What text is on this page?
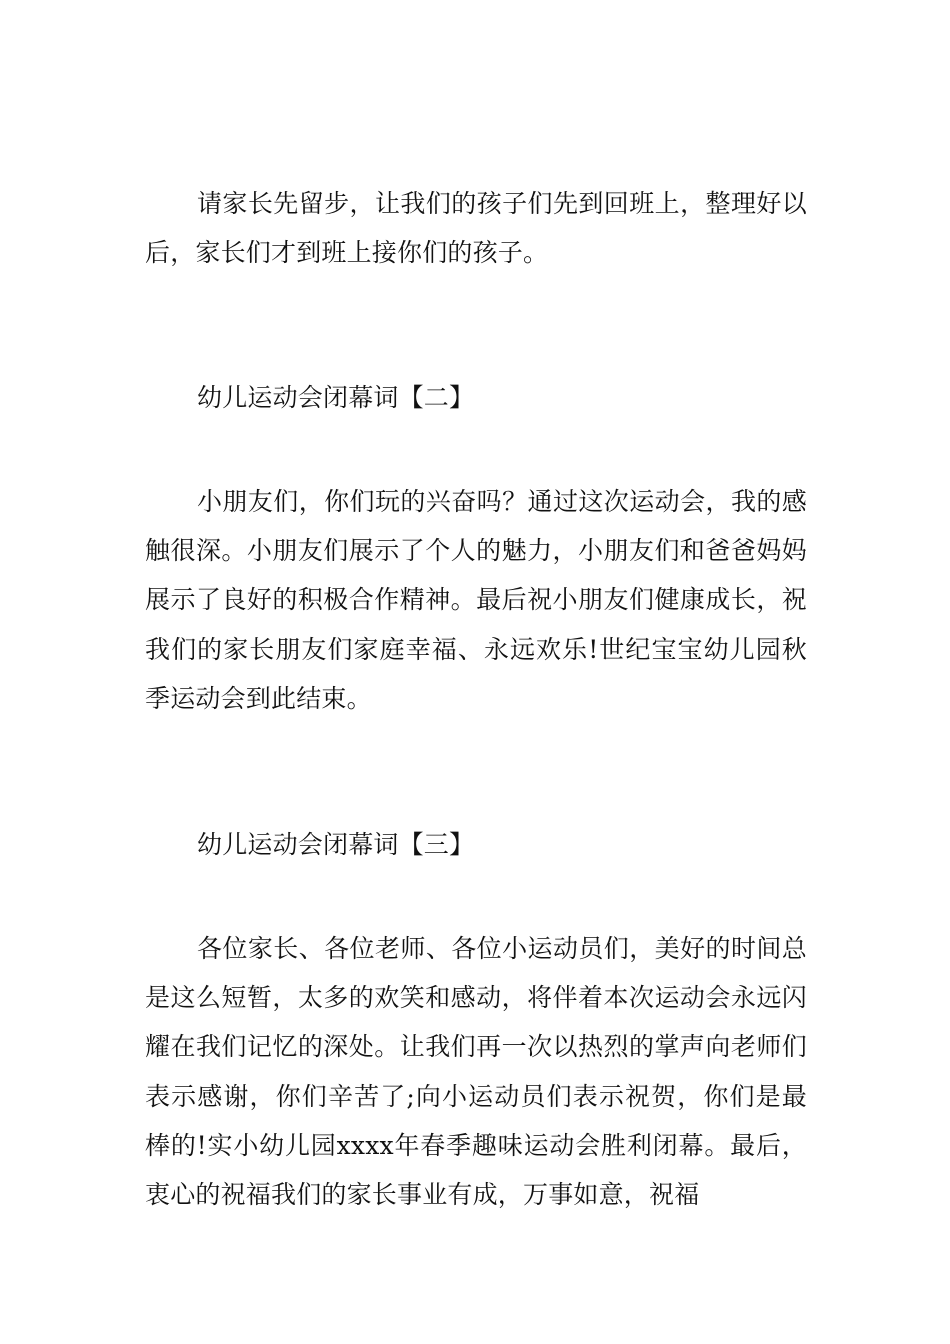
请家长先留步，让我们的孩子们先到回班上，整理好以后，家长们才到班上接你们的孩子。

幼儿运动会闭幕词【二】

小朋友们，你们玩的兴奋吗？通过这次运动会，我的感触很深。小朋友们展示了个人的魅力，小朋友们和爸爸妈妈展示了良好的积极合作精神。最后祝小朋友们健康成长，祝我们的家长朋友们家庭幸福、永远欢乐!世纪宝宝幼儿园秋季运动会到此结束。

幼儿运动会闭幕词【三】

各位家长、各位老师、各位小运动员们，美好的时间总是这么短暂，太多的欢笑和感动，将伴着本次运动会永远闪耀在我们记忆的深处。让我们再一次以热烈的掌声向老师们表示感谢，你们辛苦了;向小运动员们表示祝贺，你们是最棒的!实小幼儿园xxxx年春季趣味运动会胜利闭幕。最后，衷心的祝福我们的家长事业有成，万事如意，祝福
